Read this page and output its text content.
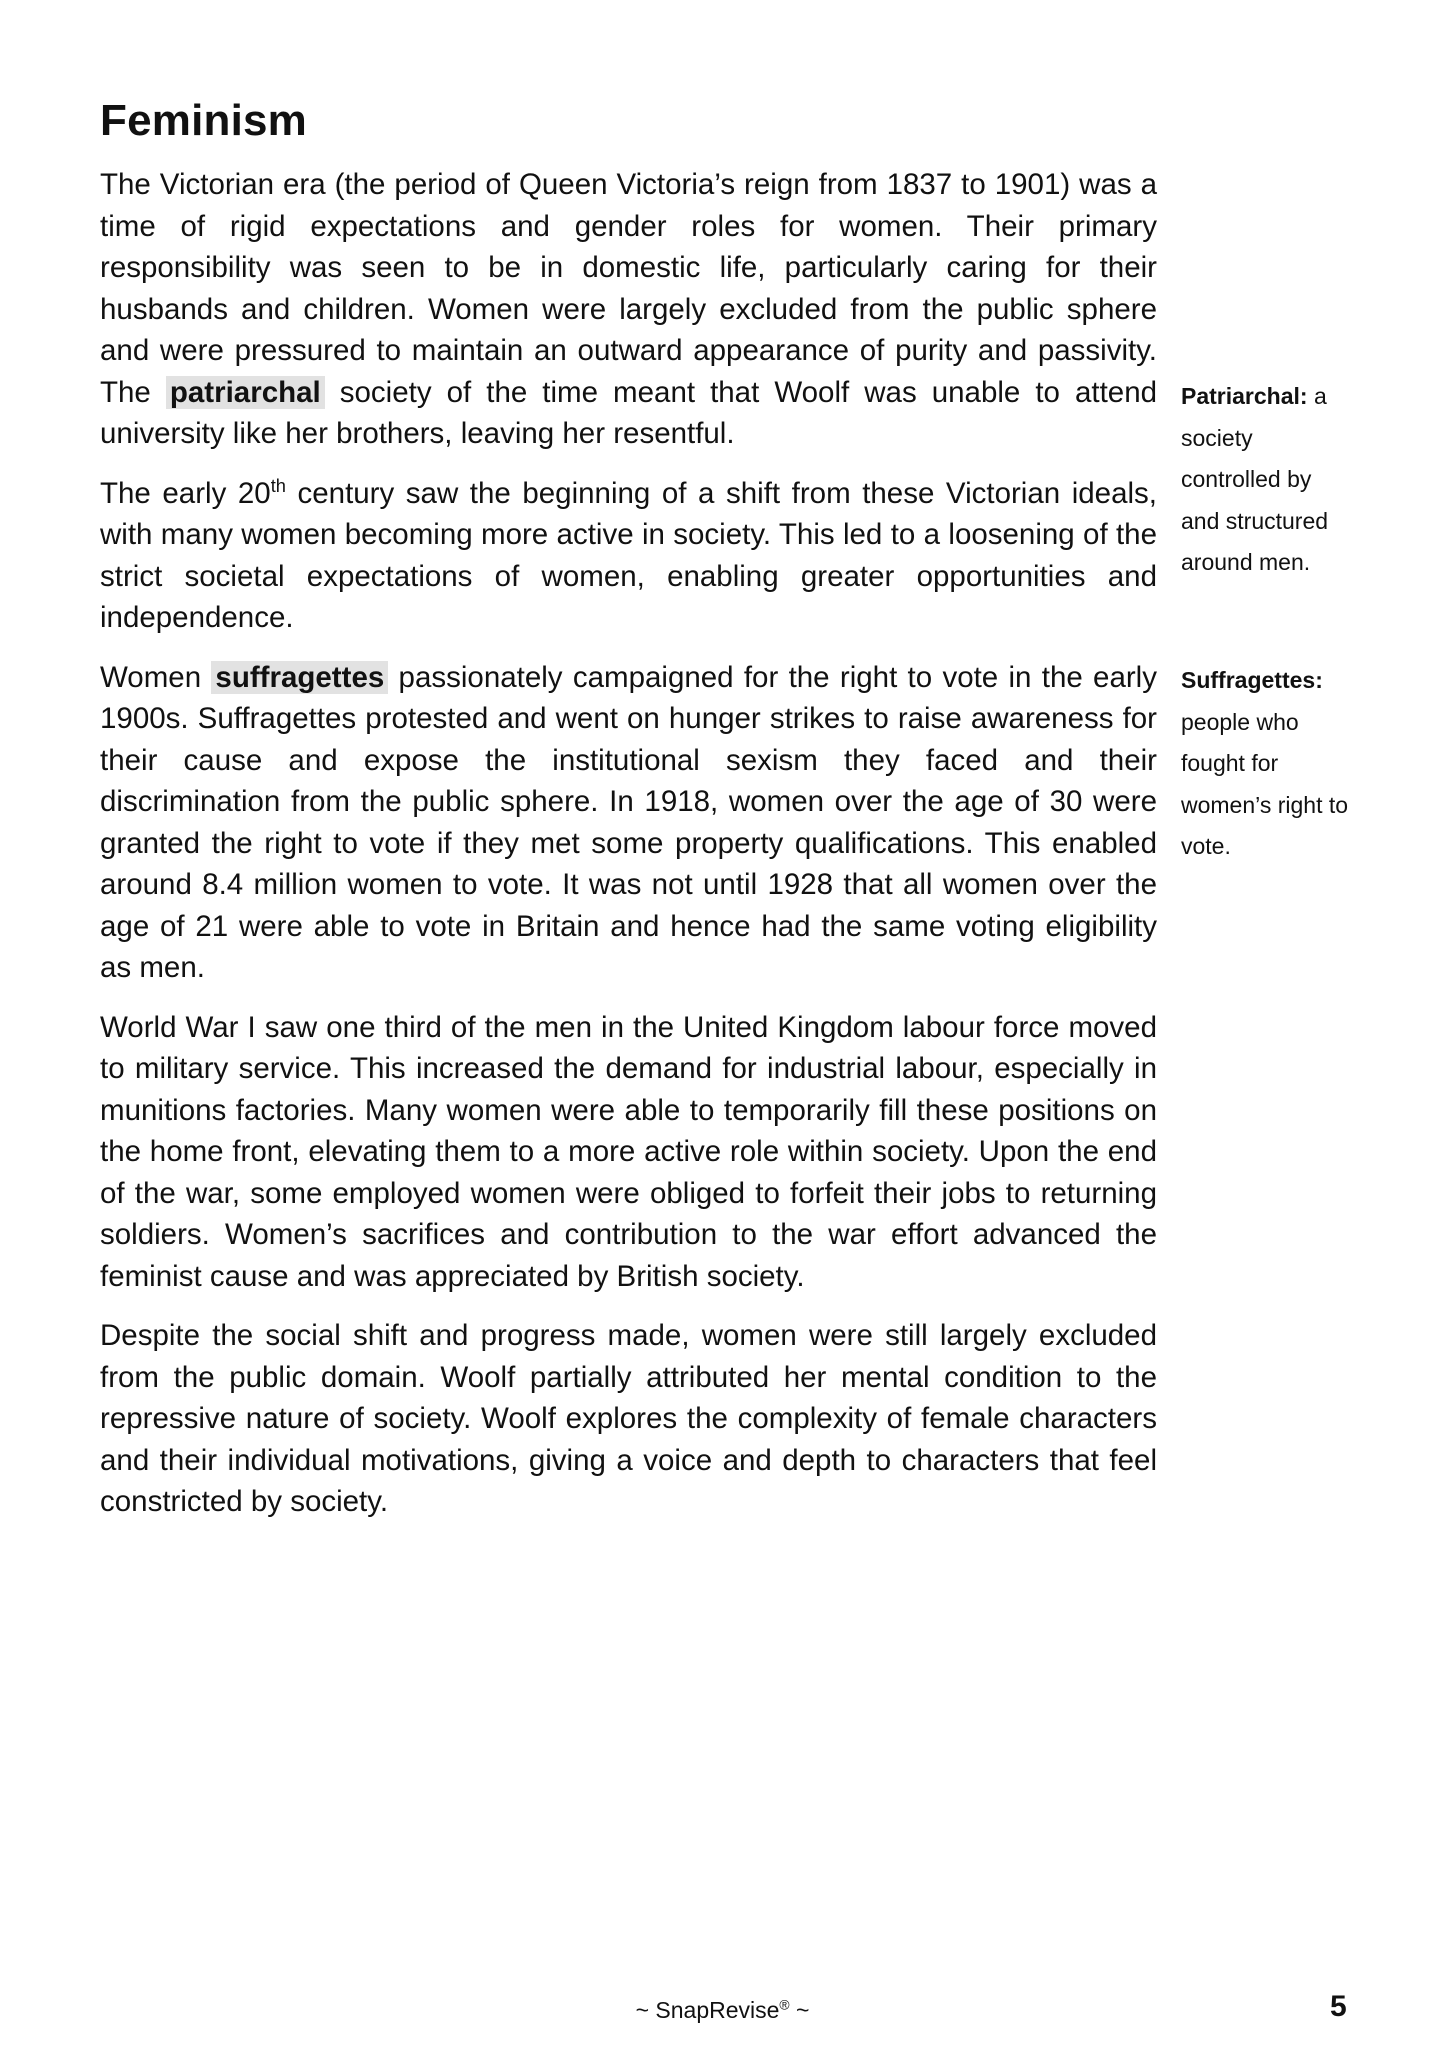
Feminism

The Victorian era (the period of Queen Victoria’s reign from 1837 to 1901) was a time of rigid expectations and gender roles for women. Their primary responsibility was seen to be in domestic life, particularly caring for their husbands and children. Women were largely excluded from the public sphere and were pressured to maintain an outward appearance of purity and passivity. The patriarchal society of the time meant that Woolf was unable to attend university like her brothers, leaving her resentful.

The early 20th century saw the beginning of a shift from these Victorian ideals, with many women becoming more active in society. This led to a loosening of the strict societal expectations of women, enabling greater opportunities and independence.

Women suffragettes passionately campaigned for the right to vote in the early 1900s. Suffragettes protested and went on hunger strikes to raise awareness for their cause and expose the institutional sexism they faced and their discrimination from the public sphere. In 1918, women over the age of 30 were granted the right to vote if they met some property qualifications. This enabled around 8.4 million women to vote. It was not until 1928 that all women over the age of 21 were able to vote in Britain and hence had the same voting eligibility as men.

World War I saw one third of the men in the United Kingdom labour force moved to military service. This increased the demand for industrial labour, especially in munitions factories. Many women were able to temporarily fill these positions on the home front, elevating them to a more active role within society. Upon the end of the war, some employed women were obliged to forfeit their jobs to returning soldiers. Women’s sacrifices and contribution to the war effort advanced the feminist cause and was appreciated by British society.

Despite the social shift and progress made, women were still largely excluded from the public domain. Woolf partially attributed her mental condition to the repressive nature of society. Woolf explores the complexity of female characters and their individual motivations, giving a voice and depth to characters that feel constricted by society.

Patriarchal: a society controlled by and structured around men.
Suffragettes: people who fought for women’s right to vote.
~ SnapRevise® ~	5
